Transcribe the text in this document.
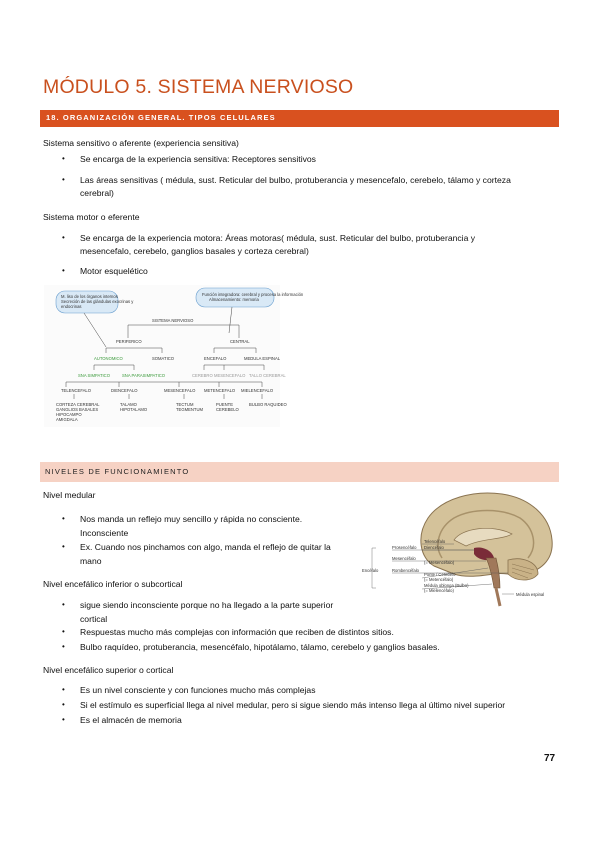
MÓDULO 5. SISTEMA NERVIOSO
18. ORGANIZACIÓN GENERAL. TIPOS CELULARES
Sistema sensitivo o aferente (experiencia sensitiva)
• Se encarga de la experiencia sensitiva: Receptores sensitivos
• Las áreas sensitivas ( médula, sust. Reticular del bulbo, protuberancia y mesencefalo, cerebelo, tálamo y corteza
cerebral)
Sistema motor o eferente
• Se encarga de la experiencia motora: Áreas motoras( médula, sust. Reticular del bulbo, protuberancia y
mesencefalo, cerebelo, ganglios basales y corteza cerebral)
• Motor esquelético
M. liso de los órganos internos
Secreción de las glándulas exocrinas y
endocrinas
Función integradora: cerebral y procesa la información
Almacenamiento: memoria
SISTEMA NERVIOSO
PERIFERICO	CENTRAL
AUTONOMICO	SOMATICO	ENCEFALO	MEDULA ESPINAL
SNA SIMPATICO	SNA PARASIMPATICO	CEREBRO MESENCEFALO TALLO CEREBRAL
TELENCEFALO	DIENCEFALO	MESENCEFALO METENCEFALO MIELENCEFALO
CORTEZA CEREBRAL
GANGLIOS BASALES
HIPOCAMPO
AMIGDALA
TALAMO
HIPOTALAMO
TECTUM
TEGMENTUM
PUENTE
CEREBELO
BULBO RAQUIDEO
NIVELES DE FUNCIONAMIENTO
Nivel medular
• Nos manda un reflejo muy sencillo y rápida no consciente.
Inconsciente
• Ex. Cuando nos pinchamos con algo, manda el reflejo de quitar la
mano
Nivel encefálico inferior o subcortical
• sigue siendo inconsciente porque no ha llegado a la parte superior
cortical
• Respuestas mucho más complejas con información que reciben de distintos sitios.
• Bulbo raquídeo, protuberancia, mesencéfalo, hipotálamo, tálamo, cerebelo y ganglios basales.
Nivel encefálico superior o cortical
• Es un nivel consciente y con funciones mucho más complejas
• Si el estímulo es superficial llega al nivel medular, pero si sigue siendo más intenso llega al último nivel superior
• Es el almacén de memoria
Encéfalo
Prosencéfalo
Mesencéfalo
Rombencéfalo
Telencéfalo
Diencéfalo
(= Mesencéfalo)
Ponte / Cerebelo
(= Metencéfalo)
Médula oblonga (Bulbo)
(= Mielencéfalo)
Médula espinal
77
